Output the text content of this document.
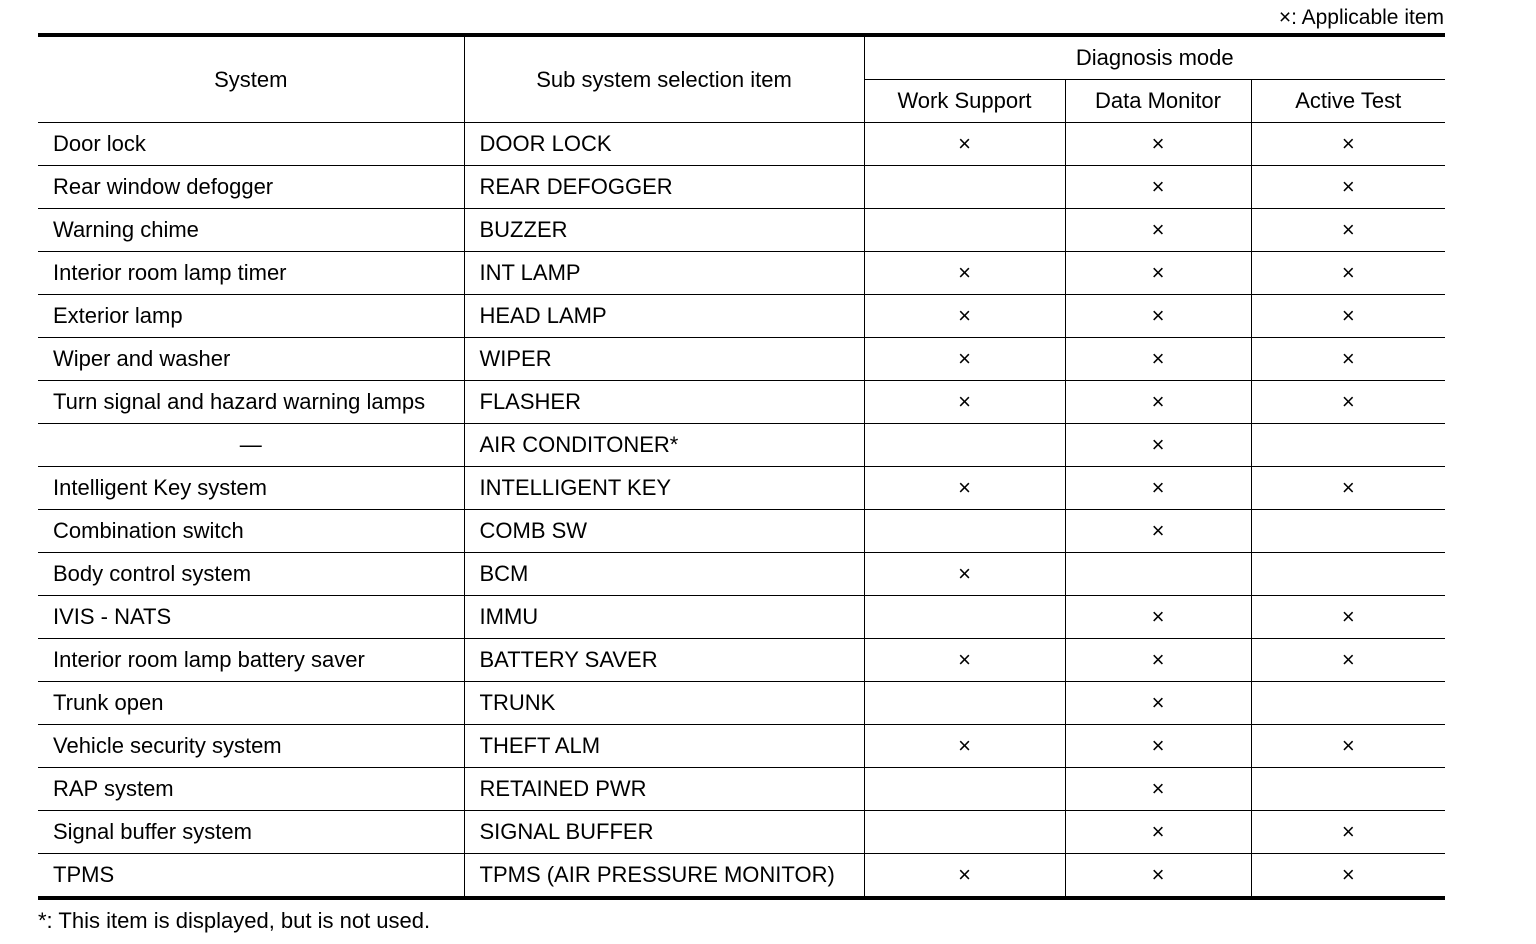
×: Applicable item
System	Sub system selection item	Diagnosis mode		
		Work Support	Data Monitor	Active Test
Door lock	DOOR LOCK	×	×	×
Rear window defogger	REAR DEFOGGER		×	×
Warning chime	BUZZER		×	×
Interior room lamp timer	INT LAMP	×	×	×
Exterior lamp	HEAD LAMP	×	×	×
Wiper and washer	WIPER	×	×	×
Turn signal and hazard warning lamps	FLASHER	×	×	×
—	AIR CONDITONER*		×	
Intelligent Key system	INTELLIGENT KEY	×	×	×
Combination switch	COMB SW		×	
Body control system	BCM	×		
IVIS - NATS	IMMU		×	×
Interior room lamp battery saver	BATTERY SAVER	×	×	×
Trunk open	TRUNK		×	
Vehicle security system	THEFT ALM	×	×	×
RAP system	RETAINED PWR		×	
Signal buffer system	SIGNAL BUFFER		×	×
TPMS	TPMS (AIR PRESSURE MONITOR)	×	×	×
*: This item is displayed, but is not used.
